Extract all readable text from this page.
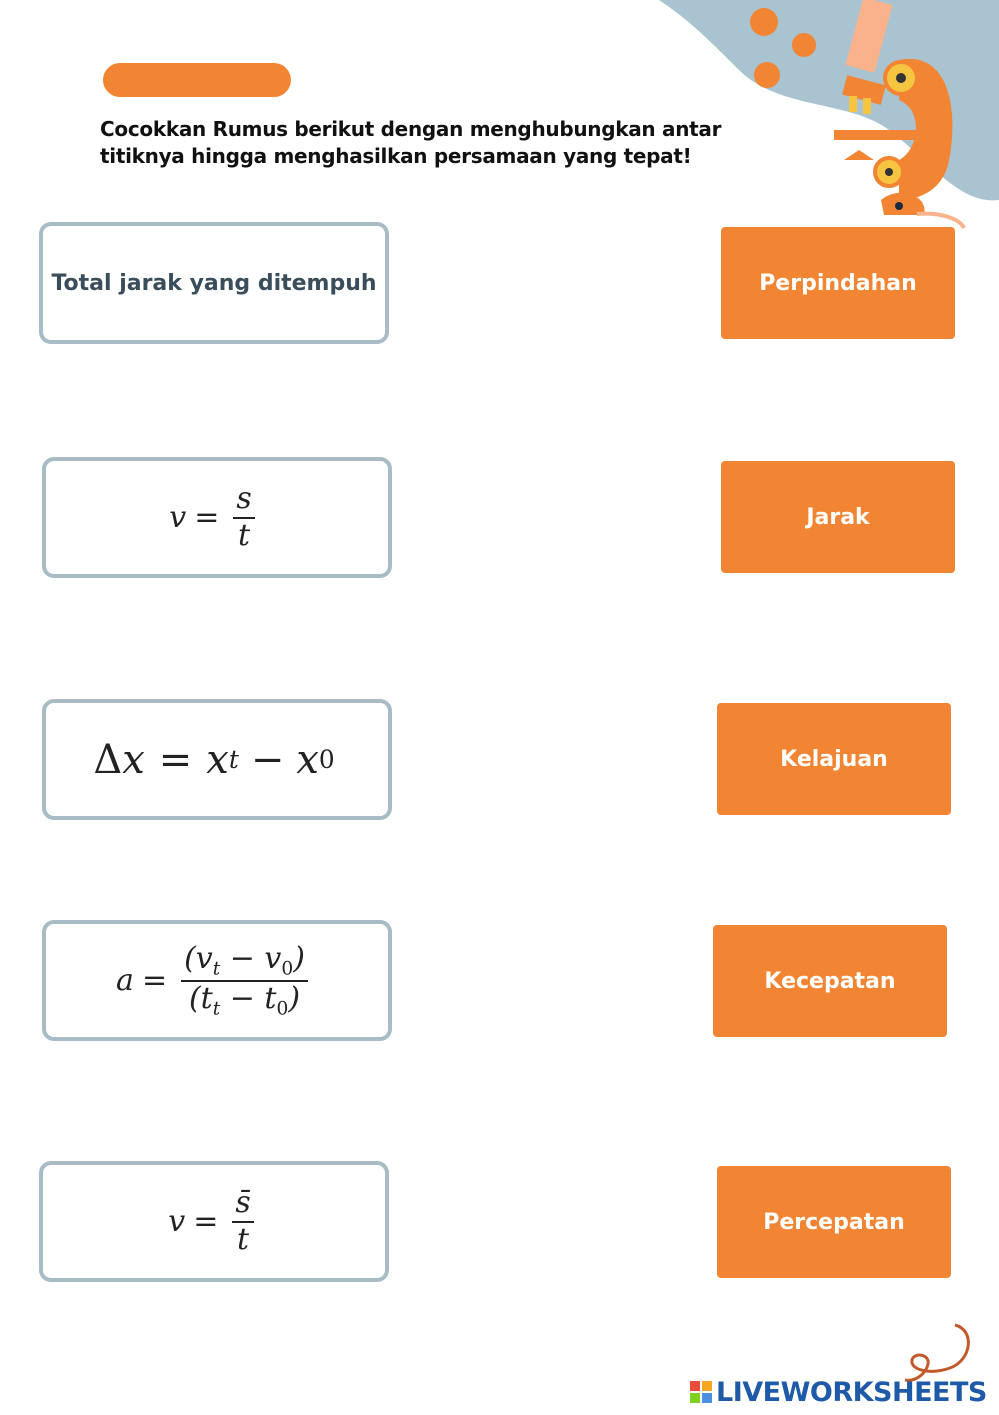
Cocokkan Rumus berikut dengan menghubungkan antar titiknya hingga menghasilkan persamaan yang tepat!
Total jarak yang ditempuh
$v = \frac{s}{t}$
Δ x = x t − x 0
$a = \frac{(v_t - v_0)}{(t_t - t_0)}$
$v = \frac{s̄}{t}$
Perpindahan
Jarak
Kelajuan
Kecepatan
Percepatan
LIVEWORKSHEETS
